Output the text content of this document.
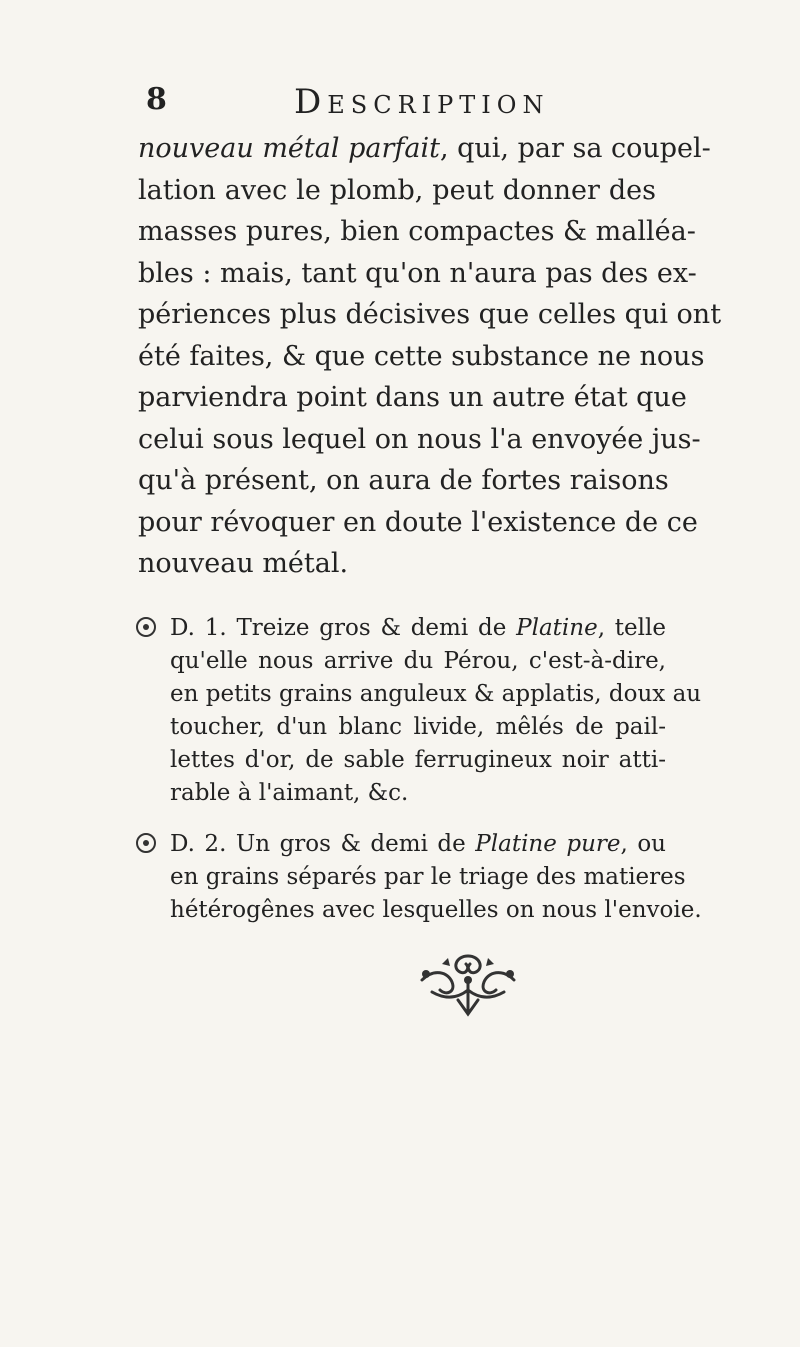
8	Description
nouveau métal parfait, qui, par sa coupel-
lation avec le plomb, peut donner des
masses pures, bien compactes & malléa-
bles : mais, tant qu'on n'aura pas des ex-
périences plus décisives que celles qui ont
été faites, & que cette substance ne nous
parviendra point dans un autre état que
celui sous lequel on nous l'a envoyée jus-
qu'à présent, on aura de fortes raisons
pour révoquer en doute l'existence de ce
nouveau métal.
D. 1. Treize gros & demi de Platine, telle
qu'elle nous arrive du Pérou, c'est-à-dire,
en petits grains anguleux & applatis, doux au
toucher, d'un blanc livide, mêlés de pail-
lettes d'or, de sable ferrugineux noir atti-
rable à l'aimant, &c.
D. 2. Un gros & demi de Platine pure, ou
en grains séparés par le triage des matieres
hétérogênes avec lesquelles on nous l'envoie.
